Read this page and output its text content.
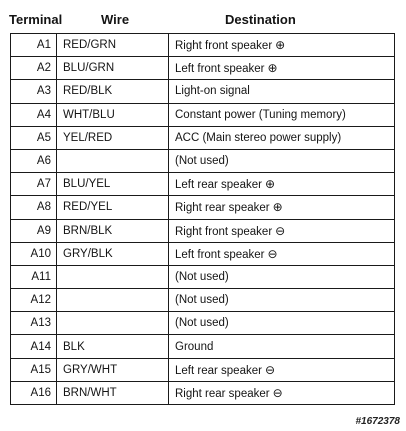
Terminal	Wire	Destination
A1	RED/GRN	Right front speaker ⊕
A2	BLU/GRN	Left front speaker ⊕
A3	RED/BLK	Light-on signal
A4	WHT/BLU	Constant power (Tuning memory)
A5	YEL/RED	ACC (Main stereo power supply)
A6		(Not used)
A7	BLU/YEL	Left rear speaker ⊕
A8	RED/YEL	Right rear speaker ⊕
A9	BRN/BLK	Right front speaker ⊖
A10	GRY/BLK	Left front speaker ⊖
A11		(Not used)
A12		(Not used)
A13		(Not used)
A14	BLK	Ground
A15	GRY/WHT	Left rear speaker ⊖
A16	BRN/WHT	Right rear speaker ⊖
#1672378
